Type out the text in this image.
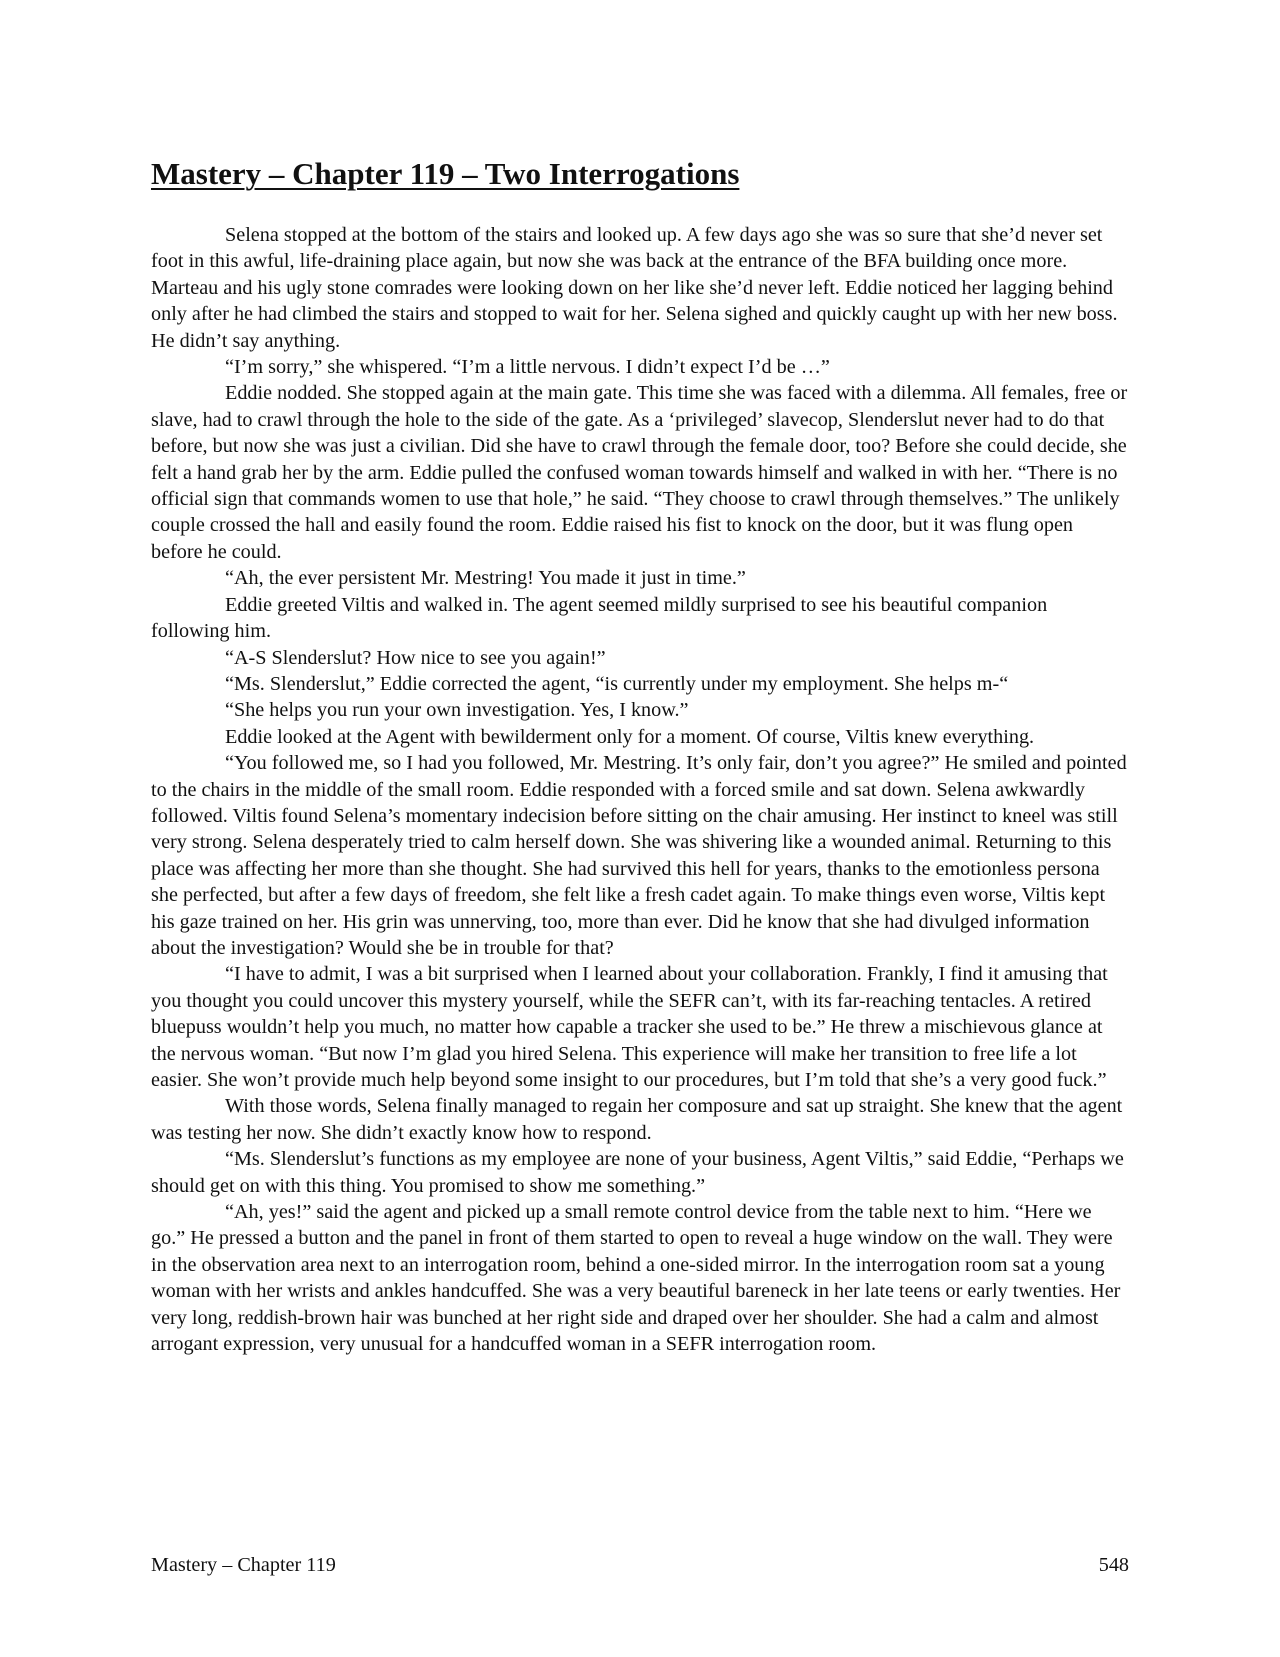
Mastery – Chapter 119 – Two Interrogations

Selena stopped at the bottom of the stairs and looked up. A few days ago she was so sure that she’d never set foot in this awful, life-draining place again, but now she was back at the entrance of the BFA building once more. Marteau and his ugly stone comrades were looking down on her like she’d never left. Eddie noticed her lagging behind only after he had climbed the stairs and stopped to wait for her. Selena sighed and quickly caught up with her new boss. He didn’t say anything.

“I’m sorry,” she whispered. “I’m a little nervous. I didn’t expect I’d be …”

Eddie nodded. She stopped again at the main gate. This time she was faced with a dilemma. All females, free or slave, had to crawl through the hole to the side of the gate. As a ‘privileged’ slavecop, Slenderslut never had to do that before, but now she was just a civilian. Did she have to crawl through the female door, too? Before she could decide, she felt a hand grab her by the arm. Eddie pulled the confused woman towards himself and walked in with her. “There is no official sign that commands women to use that hole,” he said. “They choose to crawl through themselves.” The unlikely couple crossed the hall and easily found the room. Eddie raised his fist to knock on the door, but it was flung open before he could.

“Ah, the ever persistent Mr. Mestring! You made it just in time.”

Eddie greeted Viltis and walked in. The agent seemed mildly surprised to see his beautiful companion following him.

“A-S Slenderslut? How nice to see you again!”

“Ms. Slenderslut,” Eddie corrected the agent, “is currently under my employment. She helps m-“

“She helps you run your own investigation. Yes, I know.”

Eddie looked at the Agent with bewilderment only for a moment. Of course, Viltis knew everything.

“You followed me, so I had you followed, Mr. Mestring. It’s only fair, don’t you agree?” He smiled and pointed to the chairs in the middle of the small room. Eddie responded with a forced smile and sat down. Selena awkwardly followed. Viltis found Selena’s momentary indecision before sitting on the chair amusing. Her instinct to kneel was still very strong. Selena desperately tried to calm herself down. She was shivering like a wounded animal. Returning to this place was affecting her more than she thought. She had survived this hell for years, thanks to the emotionless persona she perfected, but after a few days of freedom, she felt like a fresh cadet again. To make things even worse, Viltis kept his gaze trained on her. His grin was unnerving, too, more than ever. Did he know that she had divulged information about the investigation? Would she be in trouble for that?

“I have to admit, I was a bit surprised when I learned about your collaboration. Frankly, I find it amusing that you thought you could uncover this mystery yourself, while the SEFR can’t, with its far-reaching tentacles. A retired bluepuss wouldn’t help you much, no matter how capable a tracker she used to be.” He threw a mischievous glance at the nervous woman. “But now I’m glad you hired Selena. This experience will make her transition to free life a lot easier. She won’t provide much help beyond some insight to our procedures, but I’m told that she’s a very good fuck.”

With those words, Selena finally managed to regain her composure and sat up straight. She knew that the agent was testing her now. She didn’t exactly know how to respond.

“Ms. Slenderslut’s functions as my employee are none of your business, Agent Viltis,” said Eddie, “Perhaps we should get on with this thing. You promised to show me something.”

“Ah, yes!” said the agent and picked up a small remote control device from the table next to him. “Here we go.” He pressed a button and the panel in front of them started to open to reveal a huge window on the wall. They were in the observation area next to an interrogation room, behind a one-sided mirror. In the interrogation room sat a young woman with her wrists and ankles handcuffed. She was a very beautiful bareneck in her late teens or early twenties. Her very long, reddish-brown hair was bunched at her right side and draped over her shoulder. She had a calm and almost arrogant expression, very unusual for a handcuffed woman in a SEFR interrogation room.

Mastery – Chapter 119	548
